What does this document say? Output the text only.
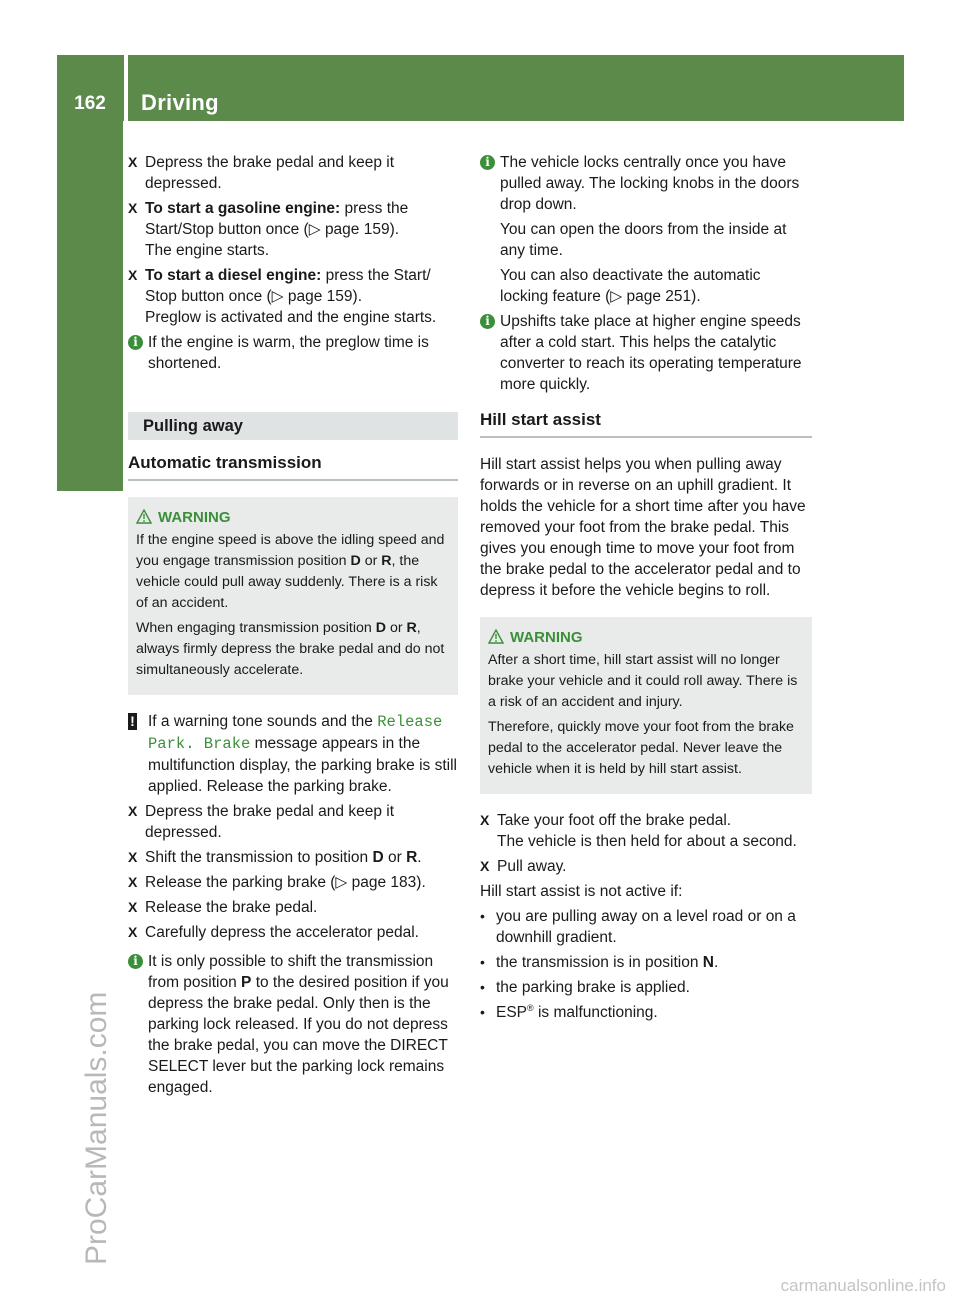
162	Driving
Driving and parking
ProCarManuals.com
carmanualsonline.info
X Depress the brake pedal and keep it depressed.
X To start a gasoline engine: press the Start/Stop button once (▷ page 159).
The engine starts.
X To start a diesel engine: press the Start/ Stop button once (▷ page 159).
Preglow is activated and the engine starts.
i If the engine is warm, the preglow time is shortened.
Pulling away
Automatic transmission
WARNING

If the engine speed is above the idling speed and you engage transmission position D or R, the vehicle could pull away suddenly. There is a risk of an accident.

When engaging transmission position D or R, always firmly depress the brake pedal and do not simultaneously accelerate.

! If a warning tone sounds and the Release Park. Brake message appears in the multifunction display, the parking brake is still applied. Release the parking brake.
X Depress the brake pedal and keep it depressed.
X Shift the transmission to position D or R.
X Release the parking brake (▷ page 183).
X Release the brake pedal.
X Carefully depress the accelerator pedal.
i It is only possible to shift the transmission from position P to the desired position if you depress the brake pedal. Only then is the parking lock released. If you do not depress the brake pedal, you can move the DIRECT SELECT lever but the parking lock remains engaged.
i The vehicle locks centrally once you have pulled away. The locking knobs in the doors drop down.

You can open the doors from the inside at any time.

You can also deactivate the automatic locking feature (▷ page 251).

i Upshifts take place at higher engine speeds after a cold start. This helps the catalytic converter to reach its operating temperature more quickly.
Hill start assist
Hill start assist helps you when pulling away forwards or in reverse on an uphill gradient. It holds the vehicle for a short time after you have removed your foot from the brake pedal. This gives you enough time to move your foot from the brake pedal to the accelerator pedal and to depress it before the vehicle begins to roll.
WARNING

After a short time, hill start assist will no longer brake your vehicle and it could roll away. There is a risk of an accident and injury.

Therefore, quickly move your foot from the brake pedal to the accelerator pedal. Never leave the vehicle when it is held by hill start assist.

X Take your foot off the brake pedal.
The vehicle is then held for about a second.
X Pull away.
Hill start assist is not active if:
• you are pulling away on a level road or on a downhill gradient.
• the transmission is in position N.
• the parking brake is applied.
• ESP® is malfunctioning.
